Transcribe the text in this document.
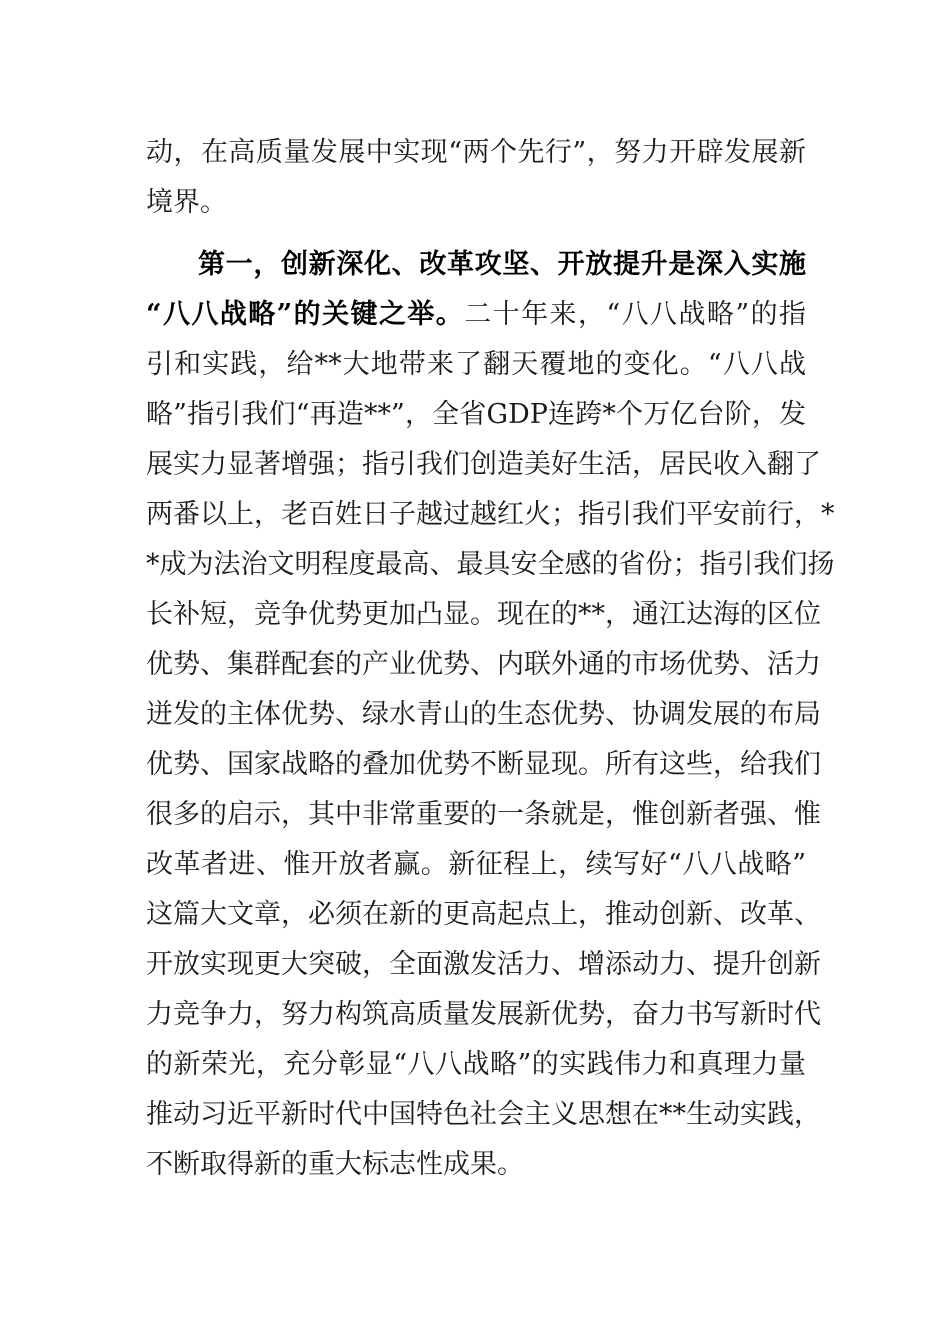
动，在高质量发展中实现“两个先行”，努力开辟发展新
境界。
第一，创新深化、改革攻坚、开放提升是深入实施
“八八战略”的关键之举。二十年来，“八八战略”的指
引和实践，给**大地带来了翻天覆地的变化。“八八战
略”指引我们“再造**”，全省GDP连跨*个万亿台阶，发
展实力显著增强；指引我们创造美好生活，居民收入翻了
两番以上，老百姓日子越过越红火；指引我们平安前行，*
*成为法治文明程度最高、最具安全感的省份；指引我们扬
长补短，竞争优势更加凸显。现在的**，通江达海的区位
优势、集群配套的产业优势、内联外通的市场优势、活力
迸发的主体优势、绿水青山的生态优势、协调发展的布局
优势、国家战略的叠加优势不断显现。所有这些，给我们
很多的启示，其中非常重要的一条就是，惟创新者强、惟
改革者进、惟开放者赢。新征程上，续写好“八八战略”
这篇大文章，必须在新的更高起点上，推动创新、改革、
开放实现更大突破，全面激发活力、增添动力、提升创新
力竞争力，努力构筑高质量发展新优势，奋力书写新时代
的新荣光，充分彰显“八八战略”的实践伟力和真理力量
推动习近平新时代中国特色社会主义思想在**生动实践，
不断取得新的重大标志性成果。
